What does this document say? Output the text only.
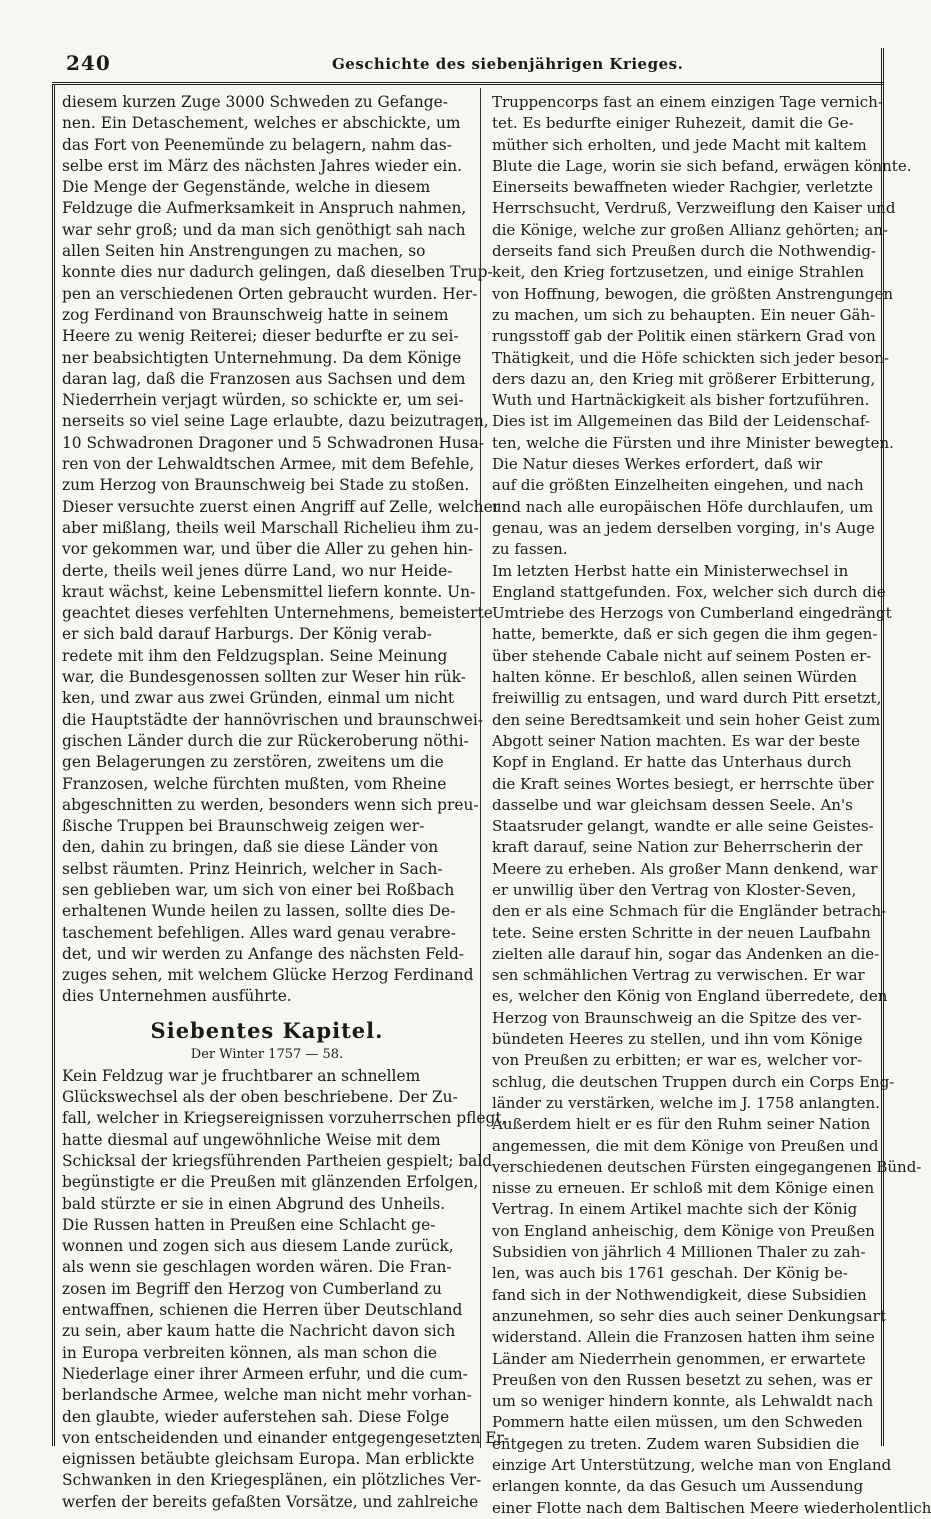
240	Geschichte des siebenjährigen Krieges.
diesem kurzen Zuge 3000 Schweden zu Gefange-
nen. Ein Detaschement, welches er abschickte, um
das Fort von Peenemünde zu belagern, nahm das-
selbe erst im März des nächsten Jahres wieder ein.
Die Menge der Gegenstände, welche in diesem
Feldzuge die Aufmerksamkeit in Anspruch nahmen,
war sehr groß; und da man sich genöthigt sah nach
allen Seiten hin Anstrengungen zu machen, so
konnte dies nur dadurch gelingen, daß dieselben Trup-
pen an verschiedenen Orten gebraucht wurden. Her-
zog Ferdinand von Braunschweig hatte in seinem
Heere zu wenig Reiterei; dieser bedurfte er zu sei-
ner beabsichtigten Unternehmung. Da dem Könige
daran lag, daß die Franzosen aus Sachsen und dem
Niederrhein verjagt würden, so schickte er, um sei-
nerseits so viel seine Lage erlaubte, dazu beizutragen,
10 Schwadronen Dragoner und 5 Schwadronen Husa-
ren von der Lehwaldtschen Armee, mit dem Befehle,
zum Herzog von Braunschweig bei Stade zu stoßen.
Dieser versuchte zuerst einen Angriff auf Zelle, welcher
aber mißlang, theils weil Marschall Richelieu ihm zu-
vor gekommen war, und über die Aller zu gehen hin-
derte, theils weil jenes dürre Land, wo nur Heide-
kraut wächst, keine Lebensmittel liefern konnte. Un-
geachtet dieses verfehlten Unternehmens, bemeisterte
er sich bald darauf Harburgs. Der König verab-
redete mit ihm den Feldzugsplan. Seine Meinung
war, die Bundesgenossen sollten zur Weser hin rük-
ken, und zwar aus zwei Gründen, einmal um nicht
die Hauptstädte der hannövrischen und braunschwei-
gischen Länder durch die zur Rückeroberung nöthi-
gen Belagerungen zu zerstören, zweitens um die
Franzosen, welche fürchten mußten, vom Rheine
abgeschnitten zu werden, besonders wenn sich preu-
ßische Truppen bei Braunschweig zeigen wer-
den, dahin zu bringen, daß sie diese Länder von
selbst räumten. Prinz Heinrich, welcher in Sach-
sen geblieben war, um sich von einer bei Roßbach
erhaltenen Wunde heilen zu lassen, sollte dies De-
taschement befehligen. Alles ward genau verabre-
det, und wir werden zu Anfange des nächsten Feld-
zuges sehen, mit welchem Glücke Herzog Ferdinand
dies Unternehmen ausführte.
Siebentes Kapitel.
Der Winter 1757 — 58.
Kein Feldzug war je fruchtbarer an schnellem
Glückswechsel als der oben beschriebene. Der Zu-
fall, welcher in Kriegsereignissen vorzuherrschen pflegt,
hatte diesmal auf ungewöhnliche Weise mit dem
Schicksal der kriegsführenden Partheien gespielt; bald
begünstigte er die Preußen mit glänzenden Erfolgen,
bald stürzte er sie in einen Abgrund des Unheils.
Die Russen hatten in Preußen eine Schlacht ge-
wonnen und zogen sich aus diesem Lande zurück,
als wenn sie geschlagen worden wären. Die Fran-
zosen im Begriff den Herzog von Cumberland zu
entwaffnen, schienen die Herren über Deutschland
zu sein, aber kaum hatte die Nachricht davon sich
in Europa verbreiten können, als man schon die
Niederlage einer ihrer Armeen erfuhr, und die cum-
berlandsche Armee, welche man nicht mehr vorhan-
den glaubte, wieder auferstehen sah. Diese Folge
von entscheidenden und einander entgegengesetzten Er-
eignissen betäubte gleichsam Europa. Man erblickte
Schwanken in den Kriegesplänen, ein plötzliches Ver-
werfen der bereits gefaßten Vorsätze, und zahlreiche
Truppencorps fast an einem einzigen Tage vernich-
tet. Es bedurfte einiger Ruhezeit, damit die Ge-
müther sich erholten, und jede Macht mit kaltem
Blute die Lage, worin sie sich befand, erwägen könnte.
Einerseits bewaffneten wieder Rachgier, verletzte
Herrschsucht, Verdruß, Verzweiflung den Kaiser und
die Könige, welche zur großen Allianz gehörten; an-
derseits fand sich Preußen durch die Nothwendig-
keit, den Krieg fortzusetzen, und einige Strahlen
von Hoffnung, bewogen, die größten Anstrengungen
zu machen, um sich zu behaupten. Ein neuer Gäh-
rungsstoff gab der Politik einen stärkern Grad von
Thätigkeit, und die Höfe schickten sich jeder beson-
ders dazu an, den Krieg mit größerer Erbitterung,
Wuth und Hartnäckigkeit als bisher fortzuführen.
Dies ist im Allgemeinen das Bild der Leidenschaf-
ten, welche die Fürsten und ihre Minister bewegten.
Die Natur dieses Werkes erfordert, daß wir
auf die größten Einzelheiten eingehen, und nach
und nach alle europäischen Höfe durchlaufen, um
genau, was an jedem derselben vorging, in's Auge
zu fassen.
Im letzten Herbst hatte ein Ministerwechsel in
England stattgefunden. Fox, welcher sich durch die
Umtriebe des Herzogs von Cumberland eingedrängt
hatte, bemerkte, daß er sich gegen die ihm gegen-
über stehende Cabale nicht auf seinem Posten er-
halten könne. Er beschloß, allen seinen Würden
freiwillig zu entsagen, und ward durch Pitt ersetzt,
den seine Beredtsamkeit und sein hoher Geist zum
Abgott seiner Nation machten. Es war der beste
Kopf in England. Er hatte das Unterhaus durch
die Kraft seines Wortes besiegt, er herrschte über
dasselbe und war gleichsam dessen Seele. An's
Staatsruder gelangt, wandte er alle seine Geistes-
kraft darauf, seine Nation zur Beherrscherin der
Meere zu erheben. Als großer Mann denkend, war
er unwillig über den Vertrag von Kloster-Seven,
den er als eine Schmach für die Engländer betrach-
tete. Seine ersten Schritte in der neuen Laufbahn
zielten alle darauf hin, sogar das Andenken an die-
sen schmählichen Vertrag zu verwischen. Er war
es, welcher den König von England überredete, den
Herzog von Braunschweig an die Spitze des ver-
bündeten Heeres zu stellen, und ihn vom Könige
von Preußen zu erbitten; er war es, welcher vor-
schlug, die deutschen Truppen durch ein Corps Eng-
länder zu verstärken, welche im J. 1758 anlangten.
Außerdem hielt er es für den Ruhm seiner Nation
angemessen, die mit dem Könige von Preußen und
verschiedenen deutschen Fürsten eingegangenen Bünd-
nisse zu erneuen. Er schloß mit dem Könige einen
Vertrag. In einem Artikel machte sich der König
von England anheischig, dem Könige von Preußen
Subsidien von jährlich 4 Millionen Thaler zu zah-
len, was auch bis 1761 geschah. Der König be-
fand sich in der Nothwendigkeit, diese Subsidien
anzunehmen, so sehr dies auch seiner Denkungsart
widerstand. Allein die Franzosen hatten ihm seine
Länder am Niederrhein genommen, er erwartete
Preußen von den Russen besetzt zu sehen, was er
um so weniger hindern konnte, als Lehwaldt nach
Pommern hatte eilen müssen, um den Schweden
entgegen zu treten. Zudem waren Subsidien die
einzige Art Unterstützung, welche man von England
erlangen konnte, da das Gesuch um Aussendung
einer Flotte nach dem Baltischen Meere wiederholentlich
